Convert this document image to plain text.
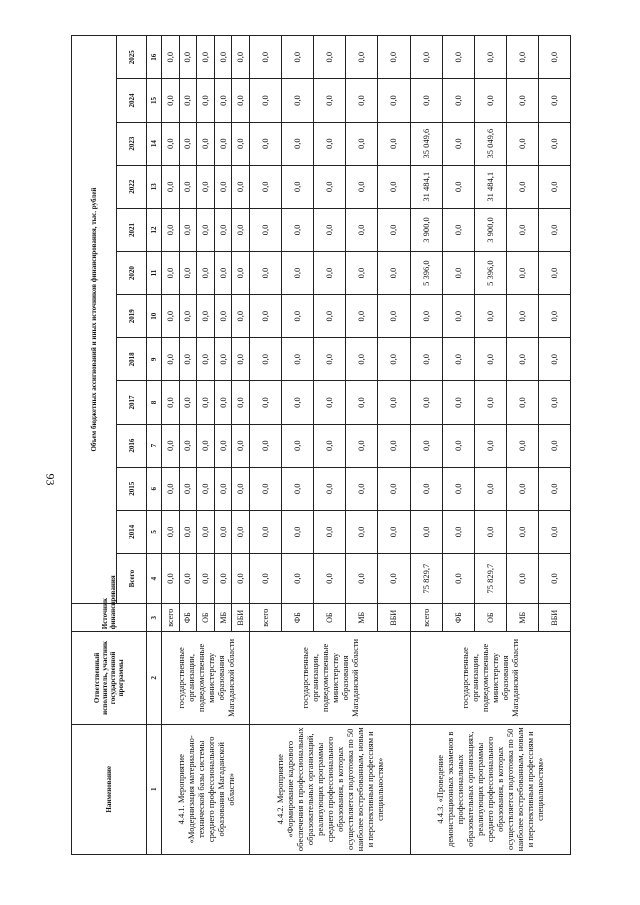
93
Наименование	Ответственный исполнитель, участник государственной программы	Источник финансирования	Объем бюджетных ассигнований и иных источников финансирования, тыс. рублей												
			Всего	2014	2015	2016	2017	2018	2019	2020	2021	2022	2023	2024	2025
1	2	3	4	5	6	7	8	9	10	11	12	13	14	15	16
4.4.1. Мероприятие «Модернизация материально-технической базы системы среднего профессионального образования Магаданской области»	государственные организации, подведомственные министерству образования Магаданской области	всего	0,0	0,0	0,0	0,0	0,0	0,0	0,0	0,0	0,0	0,0	0,0	0,0	0,0
		ФБ	0,0	0,0	0,0	0,0	0,0	0,0	0,0	0,0	0,0	0,0	0,0	0,0	0,0
		ОБ	0,0	0,0	0,0	0,0	0,0	0,0	0,0	0,0	0,0	0,0	0,0	0,0	0,0
		МБ	0,0	0,0	0,0	0,0	0,0	0,0	0,0	0,0	0,0	0,0	0,0	0,0	0,0
		ВБИ	0,0	0,0	0,0	0,0	0,0	0,0	0,0	0,0	0,0	0,0	0,0	0,0	0,0
4.4.2. Мероприятие «Формирование кадрового обеспечения в профессиональных образовательных организаций, реализующих программы среднего профессионального образования, в которых осуществляется подготовка по 50 наиболее востребованным, новым и перспективным профессиям и специальностям»	государственные организации, подведомственные министерству образования Магаданской области	всего	0,0	0,0	0,0	0,0	0,0	0,0	0,0	0,0	0,0	0,0	0,0	0,0	0,0
		ФБ	0,0	0,0	0,0	0,0	0,0	0,0	0,0	0,0	0,0	0,0	0,0	0,0	0,0
		ОБ	0,0	0,0	0,0	0,0	0,0	0,0	0,0	0,0	0,0	0,0	0,0	0,0	0,0
		МБ	0,0	0,0	0,0	0,0	0,0	0,0	0,0	0,0	0,0	0,0	0,0	0,0	0,0
		ВБИ	0,0	0,0	0,0	0,0	0,0	0,0	0,0	0,0	0,0	0,0	0,0	0,0	0,0
4.4.3. «Проведение демонстрационных экзаменов в профессиональных образовательных организациях, реализующих программы среднего профессионального образования, в которых осуществляется подготовка по 50 наиболее востребованным, новым и перспективным профессиям и специальностям»	государственные организации, подведомственные министерству образования Магаданской области	всего	75 829,7	0,0	0,0	0,0	0,0	0,0	0,0	5 396,0	3 900,0	31 484,1	35 049,6	0,0	0,0
		ФБ	0,0	0,0	0,0	0,0	0,0	0,0	0,0	0,0	0,0	0,0	0,0	0,0	0,0
		ОБ	75 829,7	0,0	0,0	0,0	0,0	0,0	0,0	5 396,0	3 900,0	31 484,1	35 049,6	0,0	0,0
		МБ	0,0	0,0	0,0	0,0	0,0	0,0	0,0	0,0	0,0	0,0	0,0	0,0	0,0
		ВБИ	0,0	0,0	0,0	0,0	0,0	0,0	0,0	0,0	0,0	0,0	0,0	0,0	0,0
